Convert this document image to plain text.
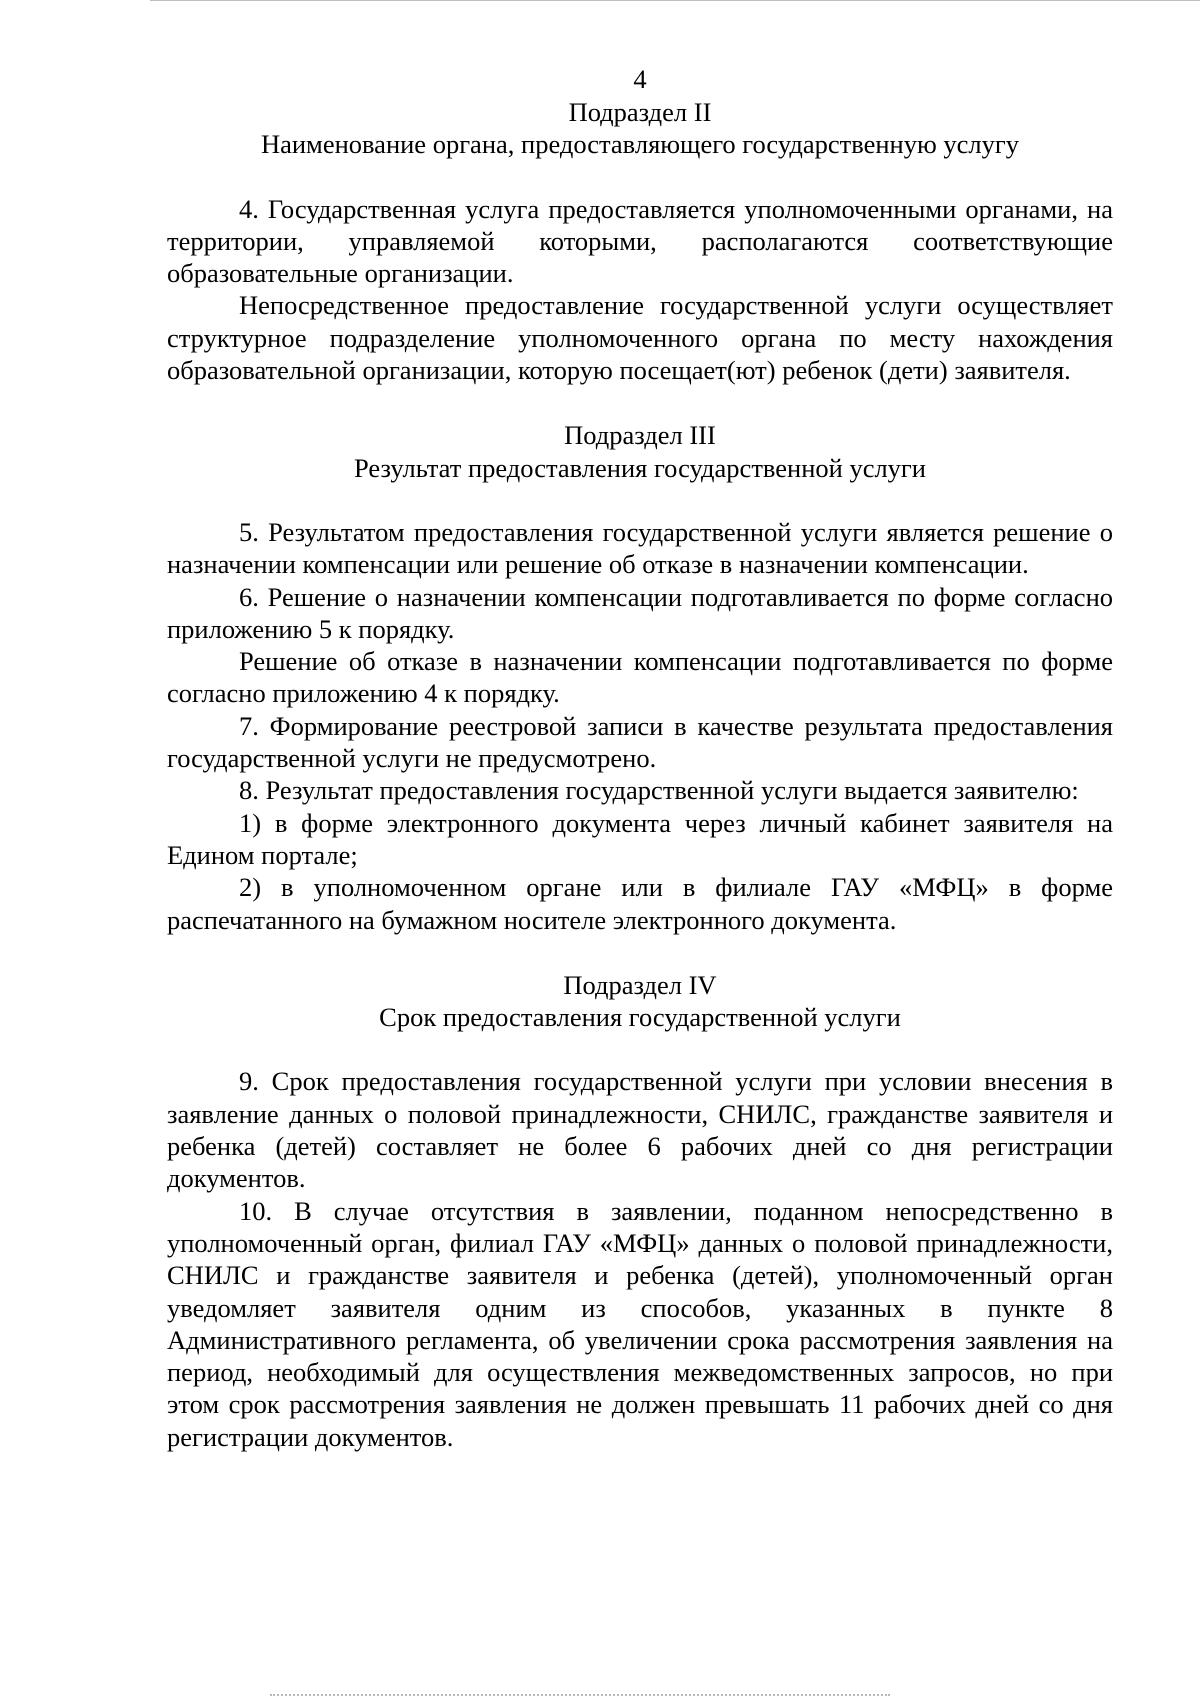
4

Подраздел II

Наименование органа, предоставляющего государственную услугу

4. Государственная услуга предоставляется уполномоченными органами, на территории, управляемой которыми, располагаются соответствующие образовательные организации.

Непосредственное предоставление государственной услуги осуществляет структурное подразделение уполномоченного органа по месту нахождения образовательной организации, которую посещает(ют) ребенок (дети) заявителя.

Подраздел III

Результат предоставления государственной услуги

5. Результатом предоставления государственной услуги является решение о назначении компенсации или решение об отказе в назначении компенсации.

6. Решение о назначении компенсации подготавливается по форме согласно приложению 5 к порядку.

Решение об отказе в назначении компенсации подготавливается по форме согласно приложению 4 к порядку.

7. Формирование реестровой записи в качестве результата предоставления государственной услуги не предусмотрено.

8. Результат предоставления государственной услуги выдается заявителю:

1) в форме электронного документа через личный кабинет заявителя на Едином портале;

2) в уполномоченном органе или в филиале ГАУ «МФЦ» в форме распечатанного на бумажном носителе электронного документа.

Подраздел IV

Срок предоставления государственной услуги

9. Срок предоставления государственной услуги при условии внесения в заявление данных о половой принадлежности, СНИЛС, гражданстве заявителя и ребенка (детей) составляет не более 6 рабочих дней со дня регистрации документов.

10. В случае отсутствия в заявлении, поданном непосредственно в уполномоченный орган, филиал ГАУ «МФЦ» данных о половой принадлежности, СНИЛС и гражданстве заявителя и ребенка (детей), уполномоченный орган уведомляет заявителя одним из способов, указанных в пункте 8 Административного регламента, об увеличении срока рассмотрения заявления на период, необходимый для осуществления межведомственных запросов, но при этом срок рассмотрения заявления не должен превышать 11 рабочих дней со дня регистрации документов.
